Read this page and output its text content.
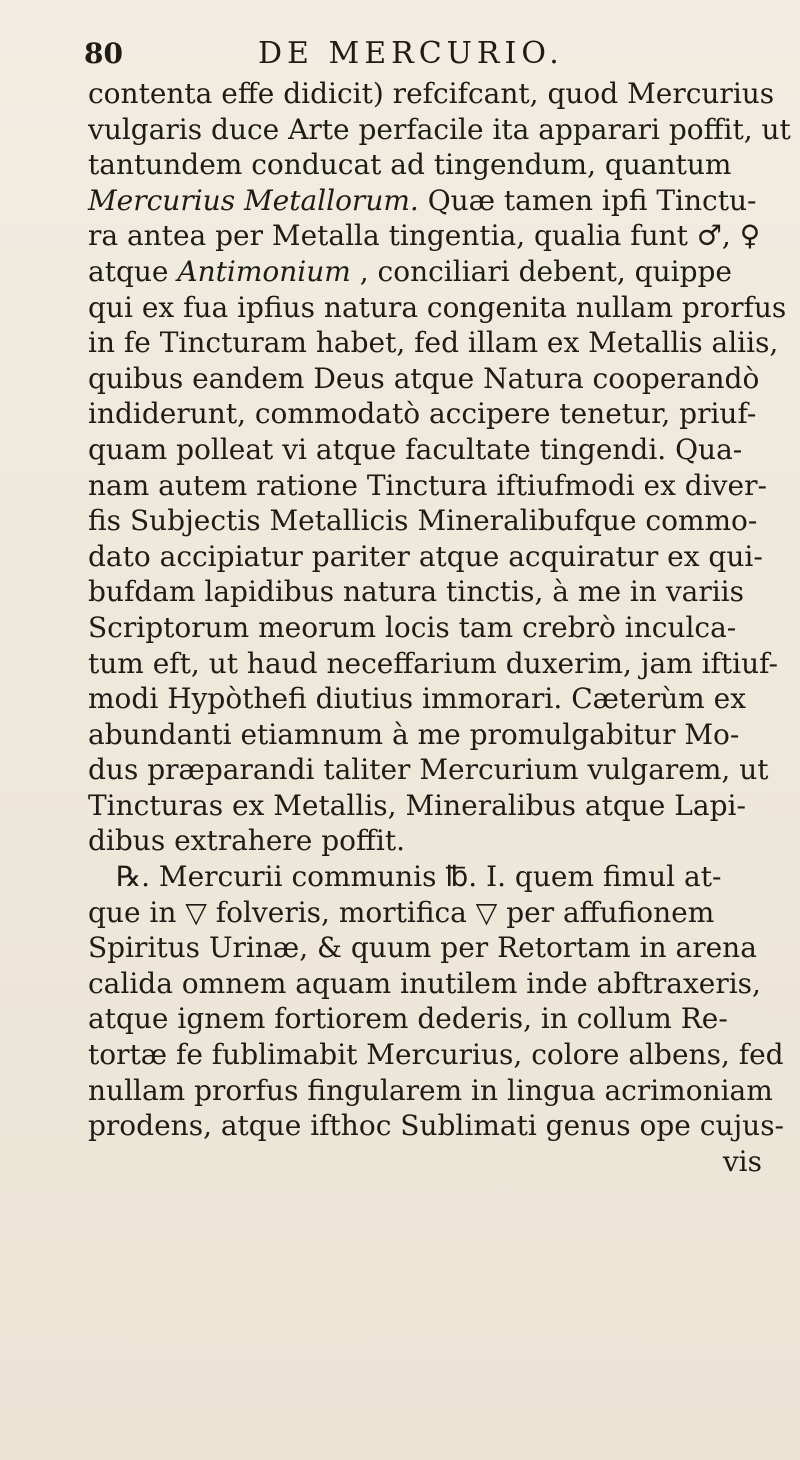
80	DE MERCURIO.
contenta effe didicit) refcifcant, quod Mercurius
vulgaris duce Arte perfacile ita apparari poffit, ut
tantundem conducat ad tingendum, quantum
Mercurius Metallorum. Quæ tamen ipfi Tinctu-
ra antea per Metalla tingentia, qualia funt ♂, ♀
atque Antimonium , conciliari debent, quippe
qui ex fua ipfius natura congenita nullam prorfus
in fe Tincturam habet, fed illam ex Metallis aliis,
quibus eandem Deus atque Natura cooperandò
indiderunt, commodatò accipere tenetur, priuf-
quam polleat vi atque facultate tingendi. Qua-
nam autem ratione Tinctura iftiufmodi ex diver-
fis Subjectis Metallicis Mineralibufque commo-
dato accipiatur pariter atque acquiratur ex qui-
bufdam lapidibus natura tinctis, à me in variis
Scriptorum meorum locis tam crebrò inculca-
tum eft, ut haud neceffarium duxerim, jam iftiuf-
modi Hypòthefi diutius immorari. Cæterùm ex
abundanti etiamnum à me promulgabitur Mo-
dus præparandi taliter Mercurium vulgarem, ut
Tincturas ex Metallis, Mineralibus atque Lapi-
dibus extrahere poffit.
℞. Mercurii communis ℔. I. quem fimul at-
que in ▽ folveris, mortifica ▽ per affufionem
Spiritus Urinæ, & quum per Retortam in arena
calida omnem aquam inutilem inde abftraxeris,
atque ignem fortiorem dederis, in collum Re-
tortæ fe fublimabit Mercurius, colore albens, fed
nullam prorfus fingularem in lingua acrimoniam
prodens, atque ifthoc Sublimati genus ope cujus-
vis
